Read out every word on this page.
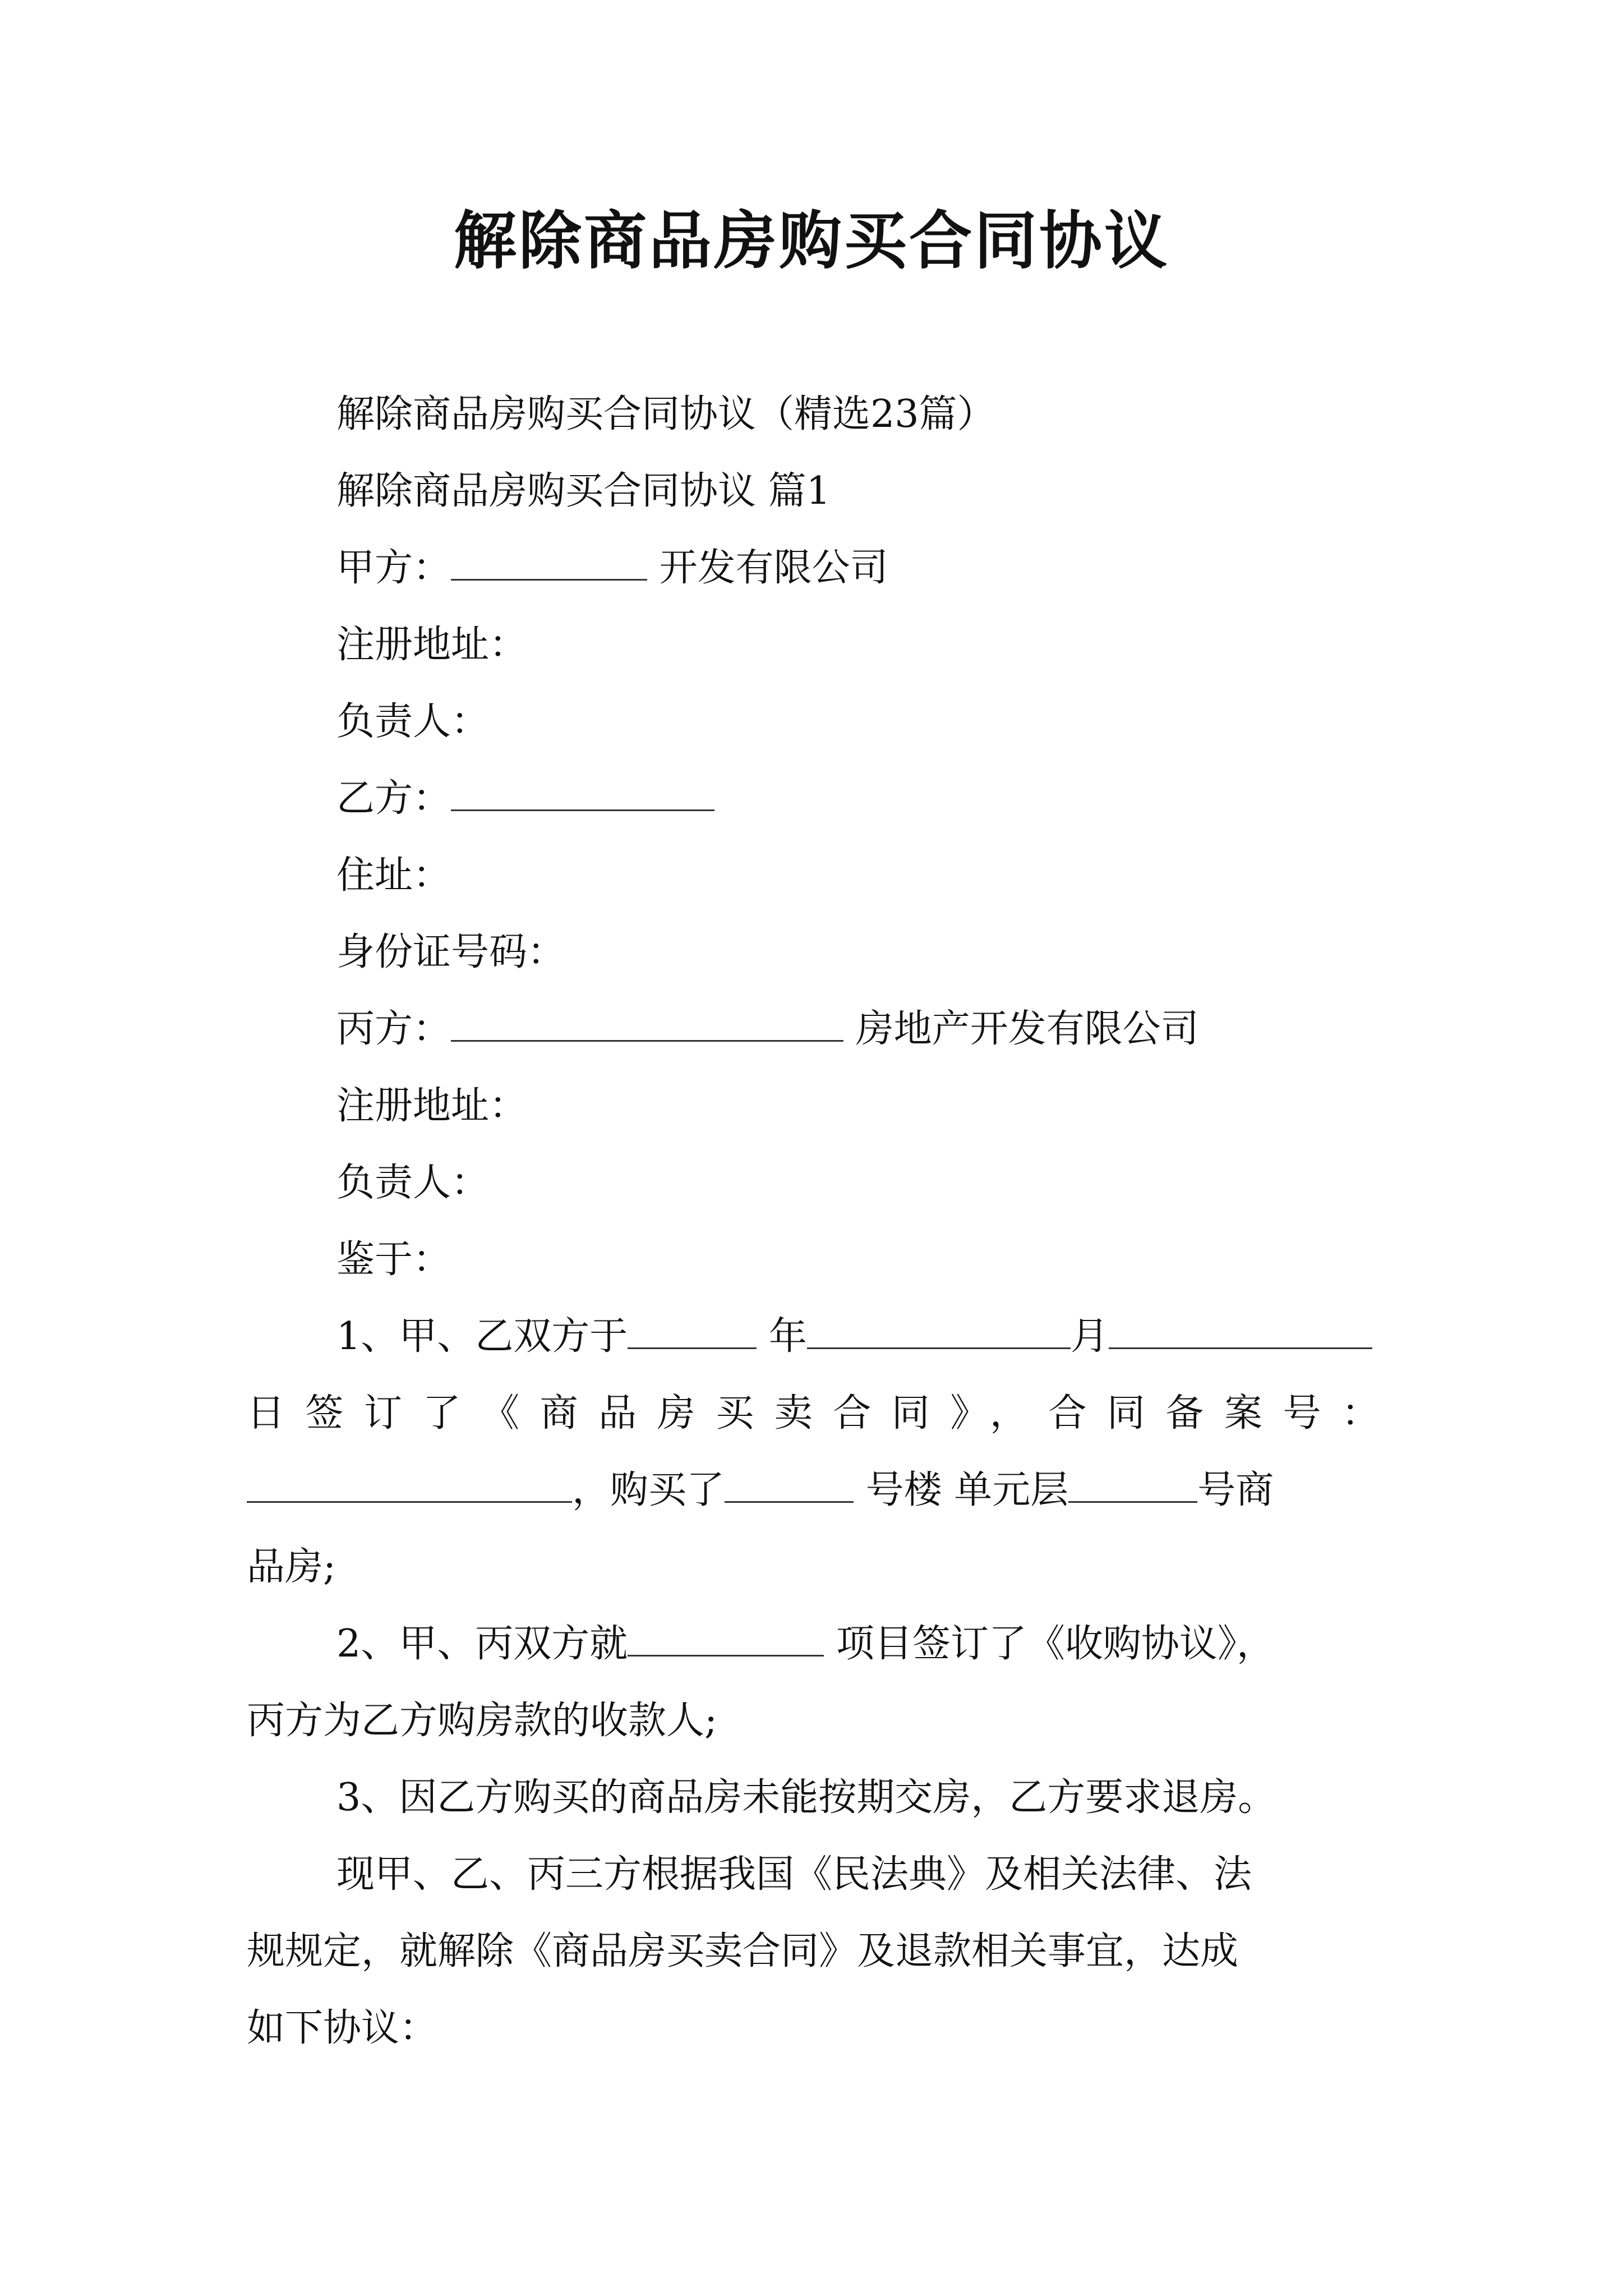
解除商品房购买合同协议
解除商品房购买合同协议（精选23篇）
解除商品房购买合同协议 篇1
甲方：	开发有限公司
注册地址：
负责人：
乙方：
住址：
身份证号码：
丙方：	房地产开发有限公司
注册地址：
负责人：
鉴于：
1、甲、乙双方于	年	月
日签订了《商品房买卖合同》，合同备案号：
，购买了	号楼 单元层	号商
品房;
2、甲、丙双方就	项目签订了《收购协议》，
丙方为乙方购房款的收款人;
3、因乙方购买的商品房未能按期交房，乙方要求退房。
现甲、乙、丙三方根据我国《民法典》及相关法律、法
规规定，就解除《商品房买卖合同》及退款相关事宜，达成
如下协议：
